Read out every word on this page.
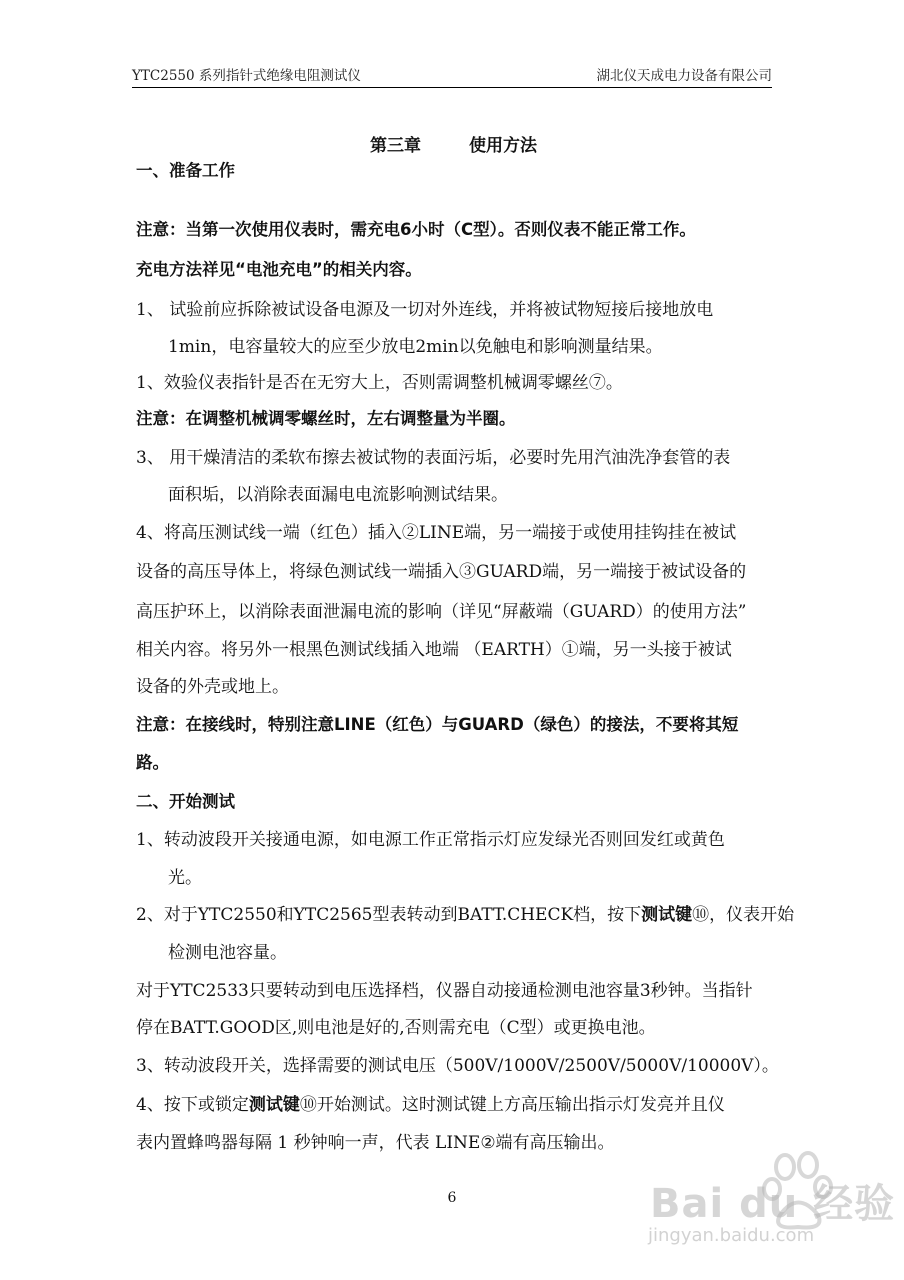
YTC2550 系列指针式绝缘电阻测试仪	湖北仪天成电力设备有限公司
第三章	使用方法
一、准备工作
注意：当第一次使用仪表时，需充电6小时（C型）。否则仪表不能正常工作。
充电方法祥见“电池充电”的相关内容。
1、 试验前应拆除被试设备电源及一切对外连线，并将被试物短接后接地放电
1min，电容量较大的应至少放电2min以免触电和影响测量结果。
1、效验仪表指针是否在无穷大上，否则需调整机械调零螺丝⑦。
注意：在调整机械调零螺丝时，左右调整量为半圈。
3、 用干燥清洁的柔软布擦去被试物的表面污垢，必要时先用汽油洗净套管的表
面积垢，以消除表面漏电电流影响测试结果。
4、将高压测试线一端（红色）插入②LINE端，另一端接于或使用挂钩挂在被试
设备的高压导体上，将绿色测试线一端插入③GUARD端，另一端接于被试设备的
高压护环上，以消除表面泄漏电流的影响（详见“屏蔽端（GUARD）的使用方法”
相关内容。将另外一根黑色测试线插入地端 （EARTH）①端，另一头接于被试
设备的外壳或地上。
注意：在接线时，特别注意LINE（红色）与GUARD（绿色）的接法，不要将其短
路。
二、开始测试
1、转动波段开关接通电源，如电源工作正常指示灯应发绿光否则回发红或黄色
光。
2、对于YTC2550和YTC2565型表转动到BATT.CHECK档，按下测试键⑩，仪表开始
检测电池容量。
对于YTC2533只要转动到电压选择档，仪器自动接通检测电池容量3秒钟。当指针
停在BATT.GOOD区,则电池是好的,否则需充电（C型）或更换电池。
3、转动波段开关，选择需要的测试电压（500V/1000V/2500V/5000V/10000V）。
4、按下或锁定测试键⑩开始测试。这时测试键上方高压输出指示灯发亮并且仪
表内置蜂鸣器每隔 1 秒钟响一声，代表 LINE②端有高压输出。
6	Bai du 经验
jingyan.baidu.com
